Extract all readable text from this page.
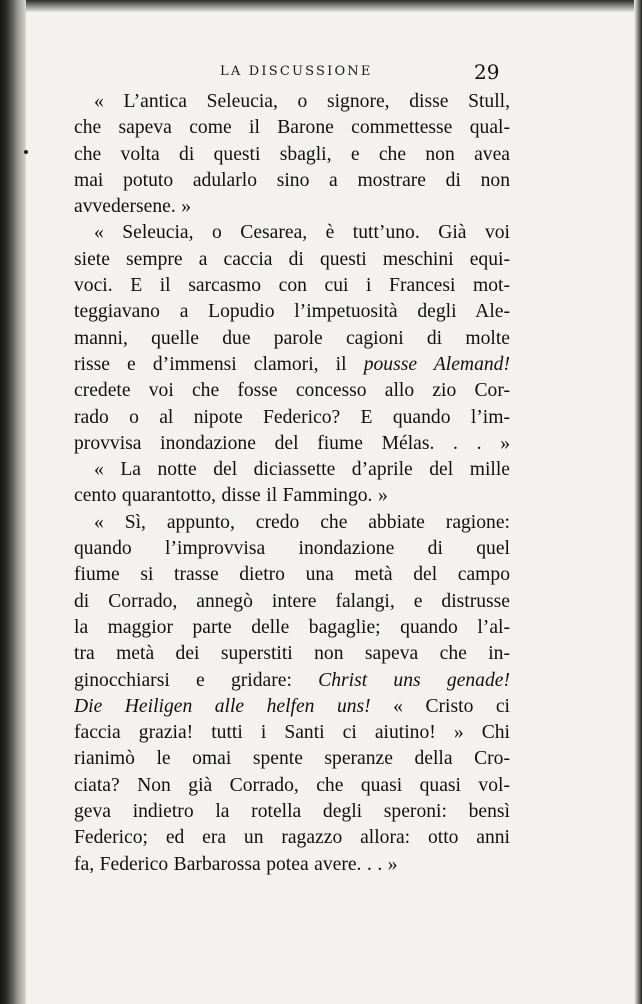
LA DISCUSSIONE	29
« L’antica Seleucia, o signore, disse Stull,
che sapeva come il Barone commettesse qual-
che volta di questi sbagli, e che non avea
mai potuto adularlo sino a mostrare di non
avvedersene. »
« Seleucia, o Cesarea, è tutt’uno. Già voi
siete sempre a caccia di questi meschini equi-
voci. E il sarcasmo con cui i Francesi mot-
teggiavano a Lopudio l’impetuosità degli Ale-
manni, quelle due parole cagioni di molte
risse e d’immensi clamori, il pousse Alemand!
credete voi che fosse concesso allo zio Cor-
rado o al nipote Federico? E quando l’im-
provvisa inondazione del fiume Mélas. . . »
« La notte del diciassette d’aprile del mille
cento quarantotto, disse il Fammingo. »
« Sì, appunto, credo che abbiate ragione:
quando l’improvvisa inondazione di quel
fiume si trasse dietro una metà del campo
di Corrado, annegò intere falangi, e distrusse
la maggior parte delle bagaglie; quando l’al-
tra metà dei superstiti non sapeva che in-
ginocchiarsi e gridare: Christ uns genade!
Die Heiligen alle helfen uns! « Cristo ci
faccia grazia! tutti i Santi ci aiutino! » Chi
rianimò le omai spente speranze della Cro-
ciata? Non già Corrado, che quasi quasi vol-
geva indietro la rotella degli speroni: bensì
Federico; ed era un ragazzo allora: otto anni
fa, Federico Barbarossa potea avere. . . »
